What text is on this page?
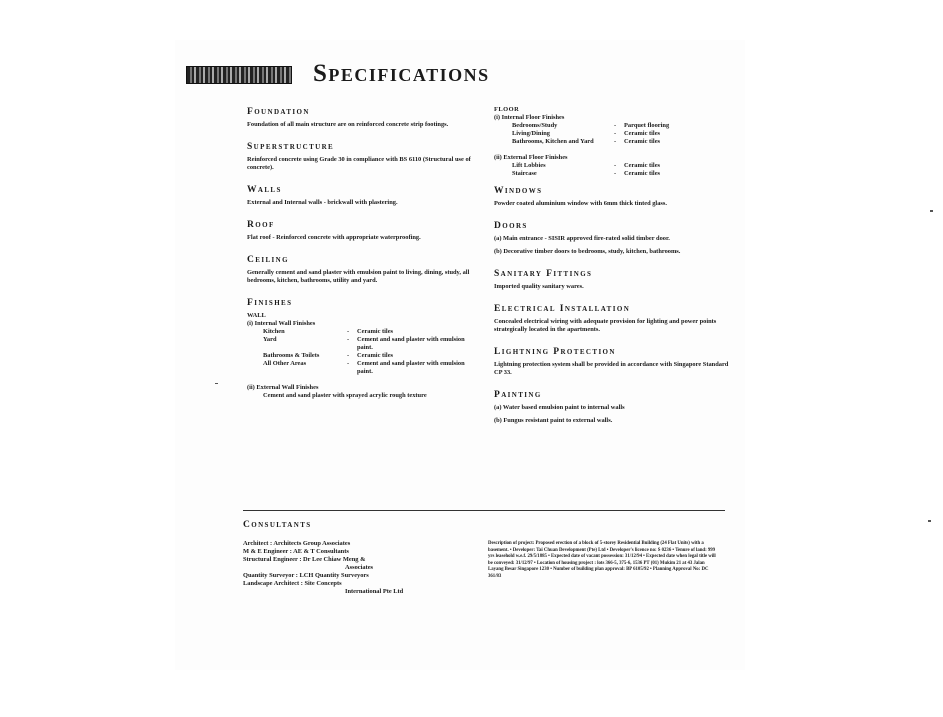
Specifications
Foundation

Foundation of all main structure are on reinforced concrete strip footings.

Superstructure

Reinforced concrete using Grade 30 in compliance with BS 6110 (Structural use of concrete).

Walls

External and Internal walls - brickwall with plastering.

Roof

Flat roof - Reinforced concrete with appropriate waterproofing.

Ceiling

Generally cement and sand plaster with emulsion paint to living, dining, study, all bedrooms, kitchen, bathrooms, utility and yard.

Finishes

WALL

(i) Internal Wall Finishes

Kitchen	-	Ceramic tiles
Yard	-	Cement and sand plaster with emulsion paint.
Bathrooms & Toilets	-	Ceramic tiles
All Other Areas	-	Cement and sand plaster with emulsion paint.

(ii) External Wall Finishes

Cement and sand plaster with sprayed acrylic rough texture

FLOOR

(i) Internal Floor Finishes

Bedrooms/Study	-	Parquet flooring
Living/Dining	-	Ceramic tiles
Bathrooms, Kitchen and Yard	-	Ceramic tiles

(ii) External Floor Finishes

Lift Lobbies	-	Ceramic tiles
Staircase	-	Ceramic tiles
Windows

Powder coated aluminium window with 6mm thick tinted glass.

Doors

(a) Main entrance - SISIR approved fire-rated solid timber door.

(b) Decorative timber doors to bedrooms, study, kitchen, bathrooms.

Sanitary Fittings

Imported quality sanitary wares.

Electrical Installation

Concealed electrical wiring with adequate provision for lighting and power points strategically located in the apartments.

Lightning Protection

Lightning protection system shall be provided in accordance with Singapore Standard CP 33.

Painting

(a) Water based emulsion paint to internal walls

(b) Fungus resistant paint to external walls.

Consultants
Architect : Architects Group Associates
M & E Engineer : AE & T Consultants
Structural Engineer : Dr Lee Chiaw Meng &
Associates
Quantity Surveyor : LCH Quantity Surveyors
Landscape Architect : Site Concepts
International Pte Ltd
Description of project: Proposed erection of a block of 5-storey Residential Building (24 Flat Units) with a basement. • Developer: Tai Chuan Development (Pte) Ltd • Developer's licence no: S 0236 • Tenure of land: 999 yrs leasehold w.e.f. 29/5/1885 • Expected date of vacant possession: 31/12/94 • Expected date when legal title will be conveyed: 31/12/97 • Location of housing project : lots 366-5, 375-6, 1536 PT (01) Mukim 21 at 43 Jalan Layang Besar Singapore 1230 • Number of building plan approval: BP 6105/92 • Planning Approval No: DC 361/83
